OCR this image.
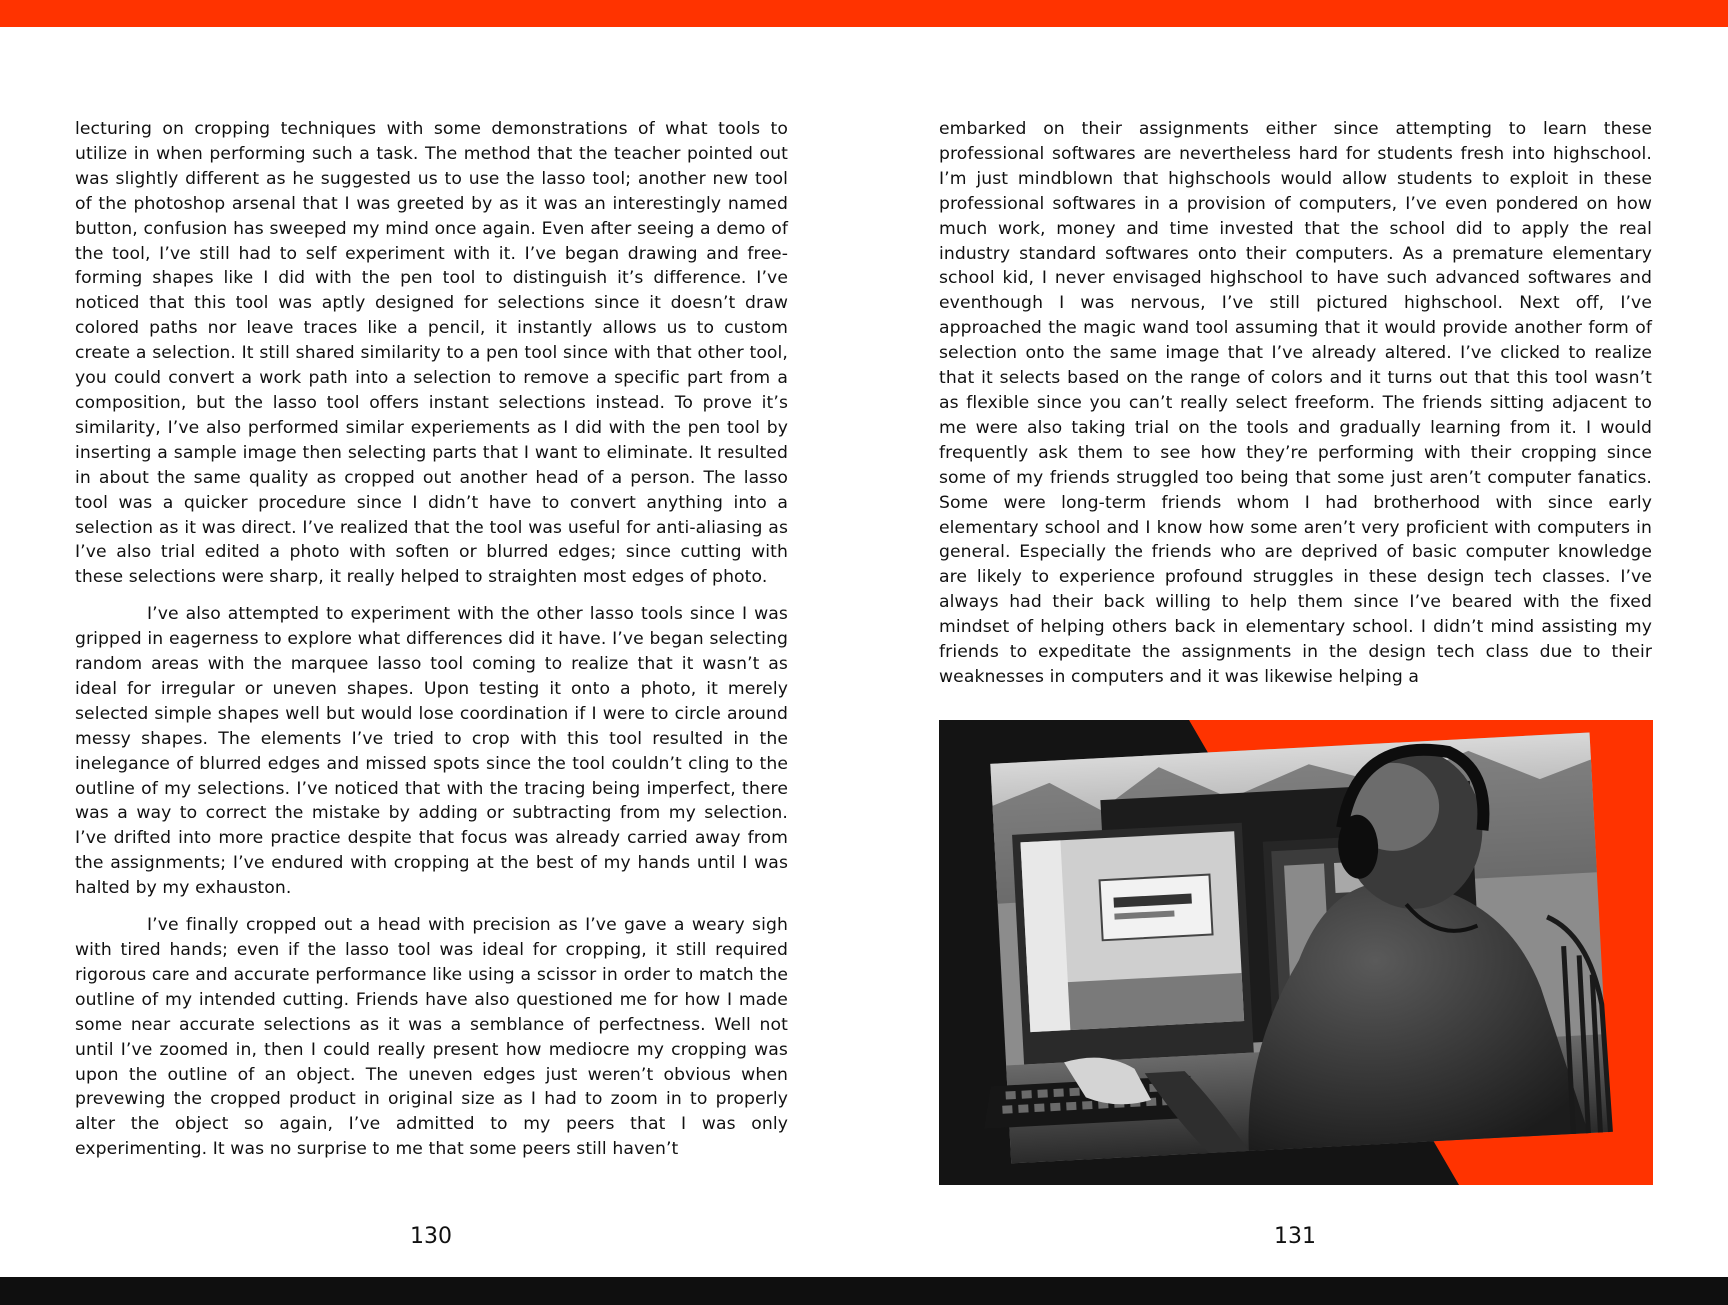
lecturing on cropping techniques with some demonstrations of what tools to utilize in when performing such a task. The method that the teacher pointed out was slightly different as he suggested us to use the lasso tool; another new tool of the photoshop arsenal that I was greeted by as it was an interestingly named button, confusion has sweeped my mind once again. Even after seeing a demo of the tool, I’ve still had to self experiment with it. I’ve began drawing and free-forming shapes like I did with the pen tool to distinguish it’s difference. I’ve noticed that this tool was aptly designed for selections since it doesn’t draw colored paths nor leave traces like a pencil, it instantly allows us to custom create a selection. It still shared similarity to a pen tool since with that other tool, you could convert a work path into a selection to remove a specific part from a composition, but the lasso tool offers instant selections instead. To prove it’s similarity, I’ve also performed similar experiements as I did with the pen tool by inserting a sample image then selecting parts that I want to eliminate. It resulted in about the same quality as cropped out another head of a person. The lasso tool was a quicker procedure since I didn’t have to convert anything into a selection as it was direct. I’ve realized that the tool was useful for anti-aliasing as I’ve also trial edited a photo with soften or blurred edges; since cutting with these selections were sharp, it really helped to straighten most edges of photo.

I’ve also attempted to experiment with the other lasso tools since I was gripped in eagerness to explore what differences did it have. I’ve began selecting random areas with the marquee lasso tool coming to realize that it wasn’t as ideal for irregular or uneven shapes. Upon testing it onto a photo, it merely selected simple shapes well but would lose coordination if I were to circle around messy shapes. The elements I’ve tried to crop with this tool resulted in the inelegance of blurred edges and missed spots since the tool couldn’t cling to the outline of my selections. I’ve noticed that with the tracing being imperfect, there was a way to correct the mistake by adding or subtracting from my selection. I’ve drifted into more practice despite that focus was already carried away from the assignments; I’ve endured with cropping at the best of my hands until I was halted by my exhauston.

I’ve finally cropped out a head with precision as I’ve gave a weary sigh with tired hands; even if the lasso tool was ideal for cropping, it still required rigorous care and accurate performance like using a scissor in order to match the outline of my intended cutting. Friends have also questioned me for how I made some near accurate selections as it was a semblance of perfectness. Well not until I’ve zoomed in, then I could really present how mediocre my cropping was upon the outline of an object. The uneven edges just weren’t obvious when prevewing the cropped product in original size as I had to zoom in to properly alter the object so again, I’ve admitted to my peers that I was only experimenting. It was no surprise to me that some peers still haven’t

embarked on their assignments either since attempting to learn these professional softwares are nevertheless hard for students fresh into highschool. I’m just mindblown that highschools would allow students to exploit in these professional softwares in a provision of computers, I’ve even pondered on how much work, money and time invested that the school did to apply the real industry standard softwares onto their computers. As a premature elementary school kid, I never envisaged highschool to have such advanced softwares and eventhough I was nervous, I’ve still pictured highschool. Next off, I’ve approached the magic wand tool assuming that it would provide another form of selection onto the same image that I’ve already altered. I’ve clicked to realize that it selects based on the range of colors and it turns out that this tool wasn’t as flexible since you can’t really select freeform. The friends sitting adjacent to me were also taking trial on the tools and gradually learning from it. I would frequently ask them to see how they’re performing with their cropping since some of my friends struggled too being that some just aren’t computer fanatics. Some were long-term friends whom I had brotherhood with since early elementary school and I know how some aren’t very proficient with computers in general. Especially the friends who are deprived of basic computer knowledge are likely to experience profound struggles in these design tech classes. I’ve always had their back willing to help them since I’ve beared with the fixed mindset of helping others back in elementary school. I didn’t mind assisting my friends to expeditate the assignments in the design tech class due to their weaknesses in computers and it was likewise helping a

130	131
